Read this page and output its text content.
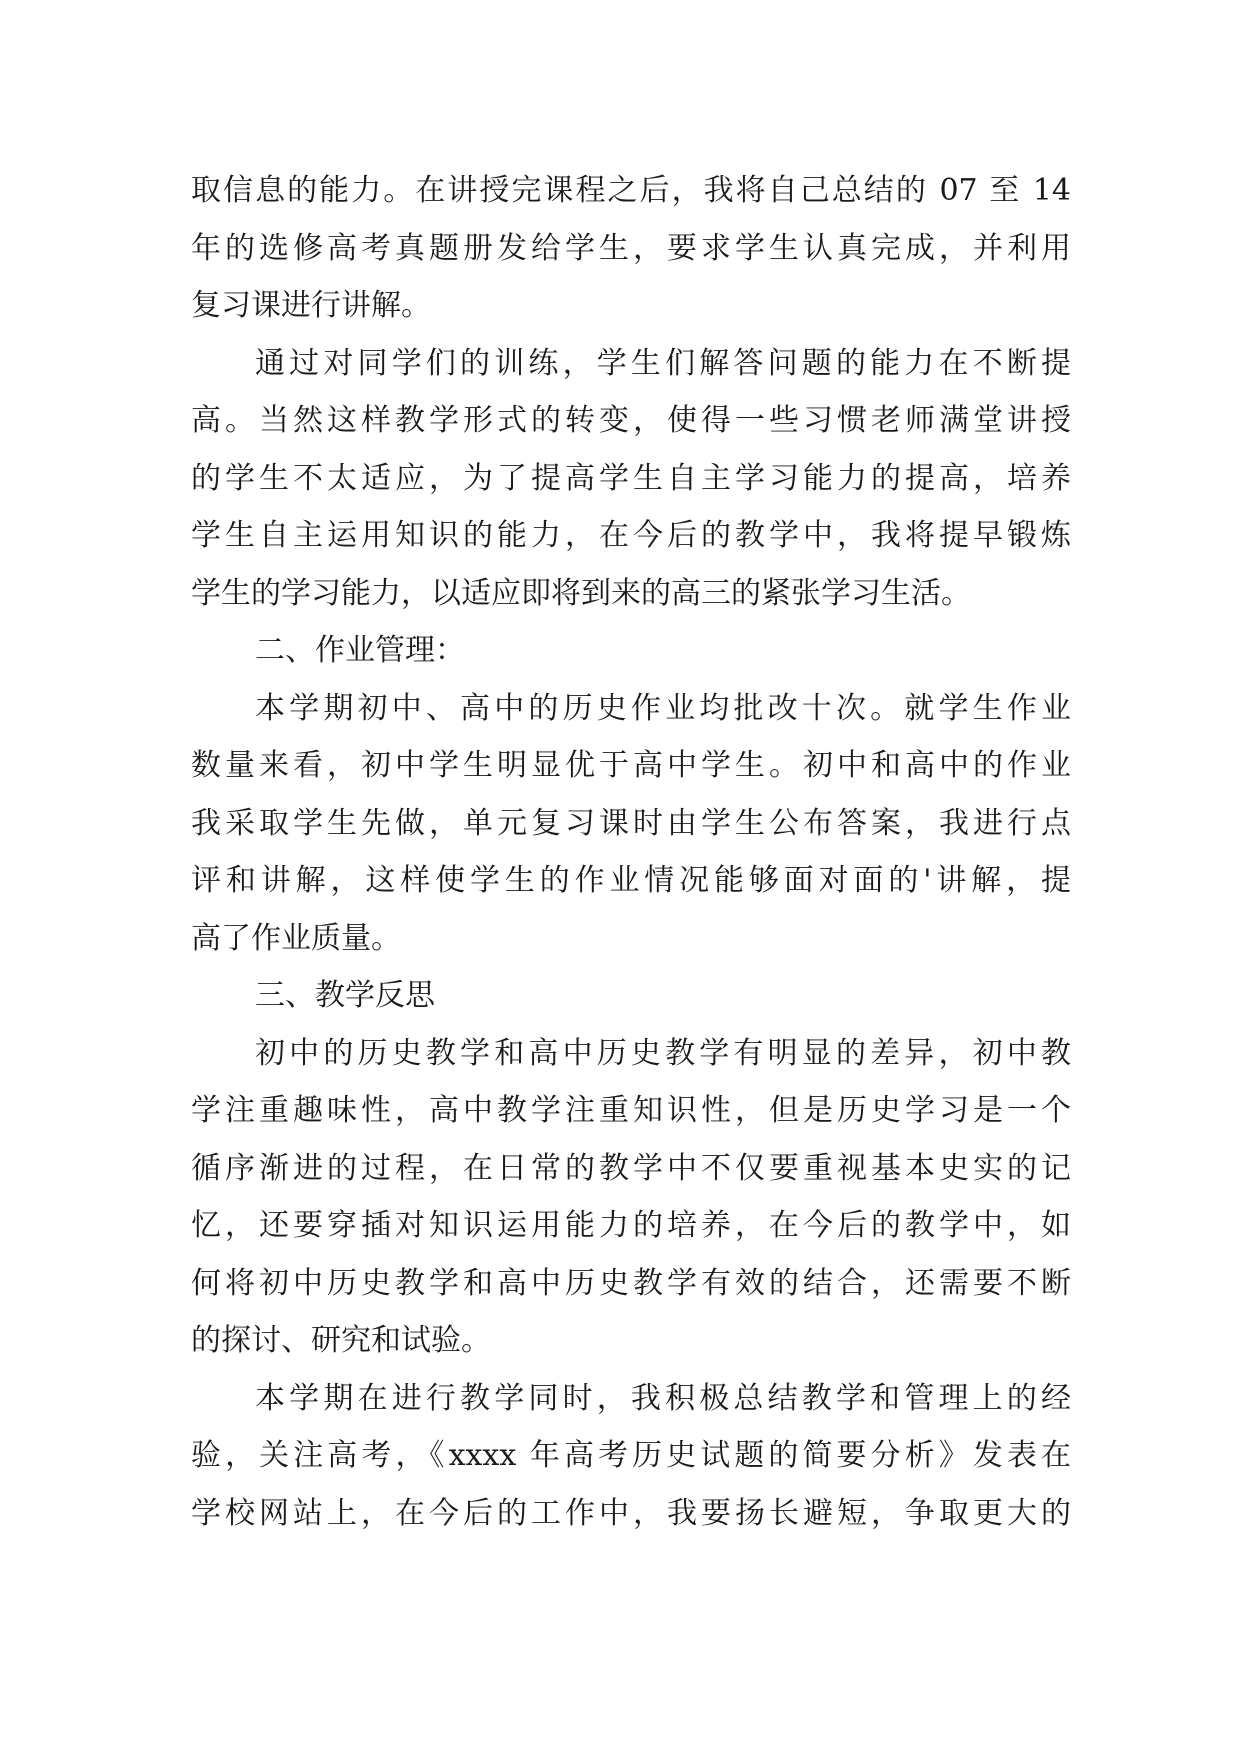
取信息的能力。在讲授完课程之后，我将自己总结的 07 至 14
年的选修高考真题册发给学生，要求学生认真完成，并利用
复习课进行讲解。
通过对同学们的训练，学生们解答问题的能力在不断提
高。当然这样教学形式的转变，使得一些习惯老师满堂讲授
的学生不太适应，为了提高学生自主学习能力的提高，培养
学生自主运用知识的能力，在今后的教学中，我将提早锻炼
学生的学习能力，以适应即将到来的高三的紧张学习生活。
二、作业管理：
本学期初中、高中的历史作业均批改十次。就学生作业
数量来看，初中学生明显优于高中学生。初中和高中的作业
我采取学生先做，单元复习课时由学生公布答案，我进行点
评和讲解，这样使学生的作业情况能够面对面的'讲解，提
高了作业质量。
三、教学反思
初中的历史教学和高中历史教学有明显的差异，初中教
学注重趣味性，高中教学注重知识性，但是历史学习是一个
循序渐进的过程，在日常的教学中不仅要重视基本史实的记
忆，还要穿插对知识运用能力的培养，在今后的教学中，如
何将初中历史教学和高中历史教学有效的结合，还需要不断
的探讨、研究和试验。
本学期在进行教学同时，我积极总结教学和管理上的经
验，关注高考，《xxxx 年高考历史试题的简要分析》发表在
学校网站上，在今后的工作中，我要扬长避短，争取更大的
